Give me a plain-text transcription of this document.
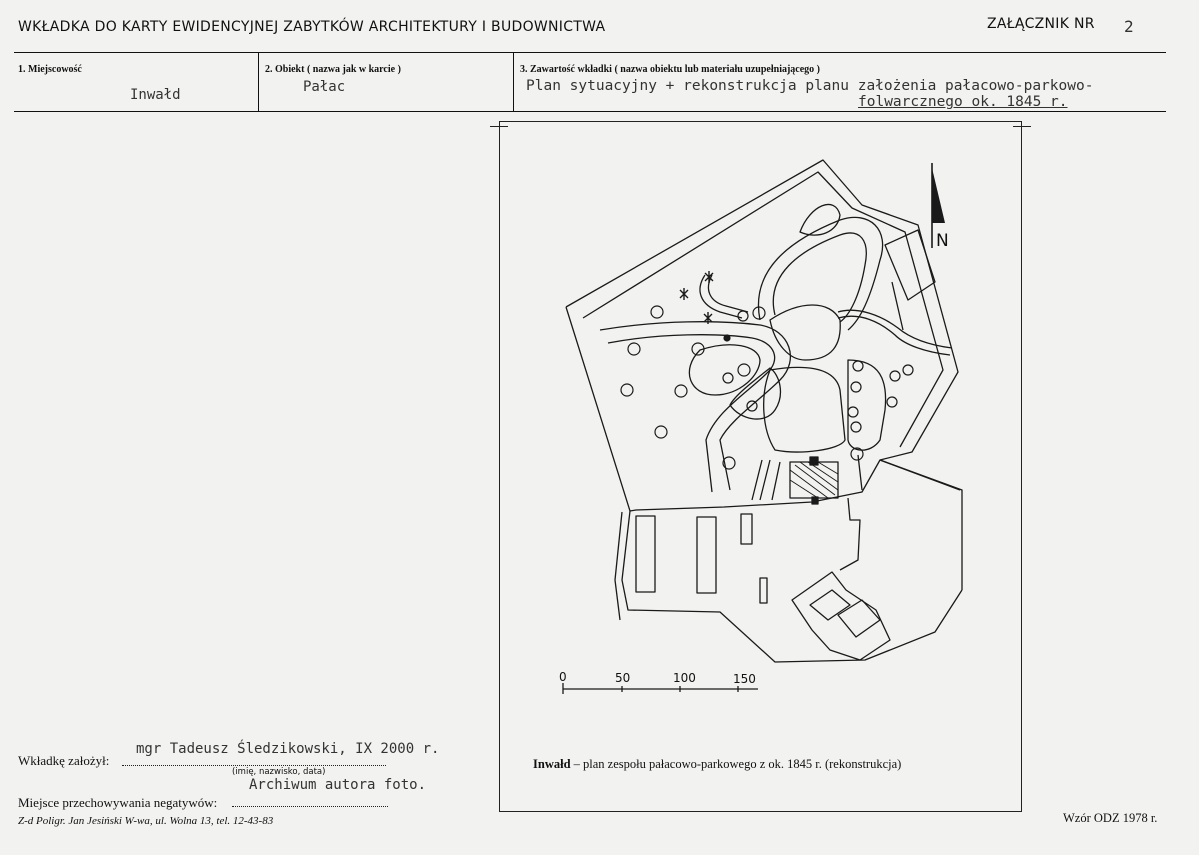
WKŁADKA DO KARTY EWIDENCYJNEJ ZABYTKÓW ARCHITEKTURY I BUDOWNICTWA	ZAŁĄCZNIK NR 2
1. Miejscowość
Inwałd
2. Obiekt ( nazwa jak w karcie )
Pałac
3. Zawartość wkładki ( nazwa obiektu lub materiału uzupełniającego )
Plan sytuacyjny + rekonstrukcja planu założenia pałacowo-parkowo-
folwarcznego ok. 1845 r.
N
0	50	100	150
Inwałd – plan zespołu pałacowo-parkowego z ok. 1845 r. (rekonstrukcja)
Wkładkę założył:
mgr Tadeusz Śledzikowski, IX 2000 r.
(imię, nazwisko, data)
Archiwum autora foto.
Miejsce przechowywania negatywów:
Z-d Poligr. Jan Jesiński W-wa, ul. Wolna 13, tel. 12-43-83	Wzór ODZ 1978 r.
